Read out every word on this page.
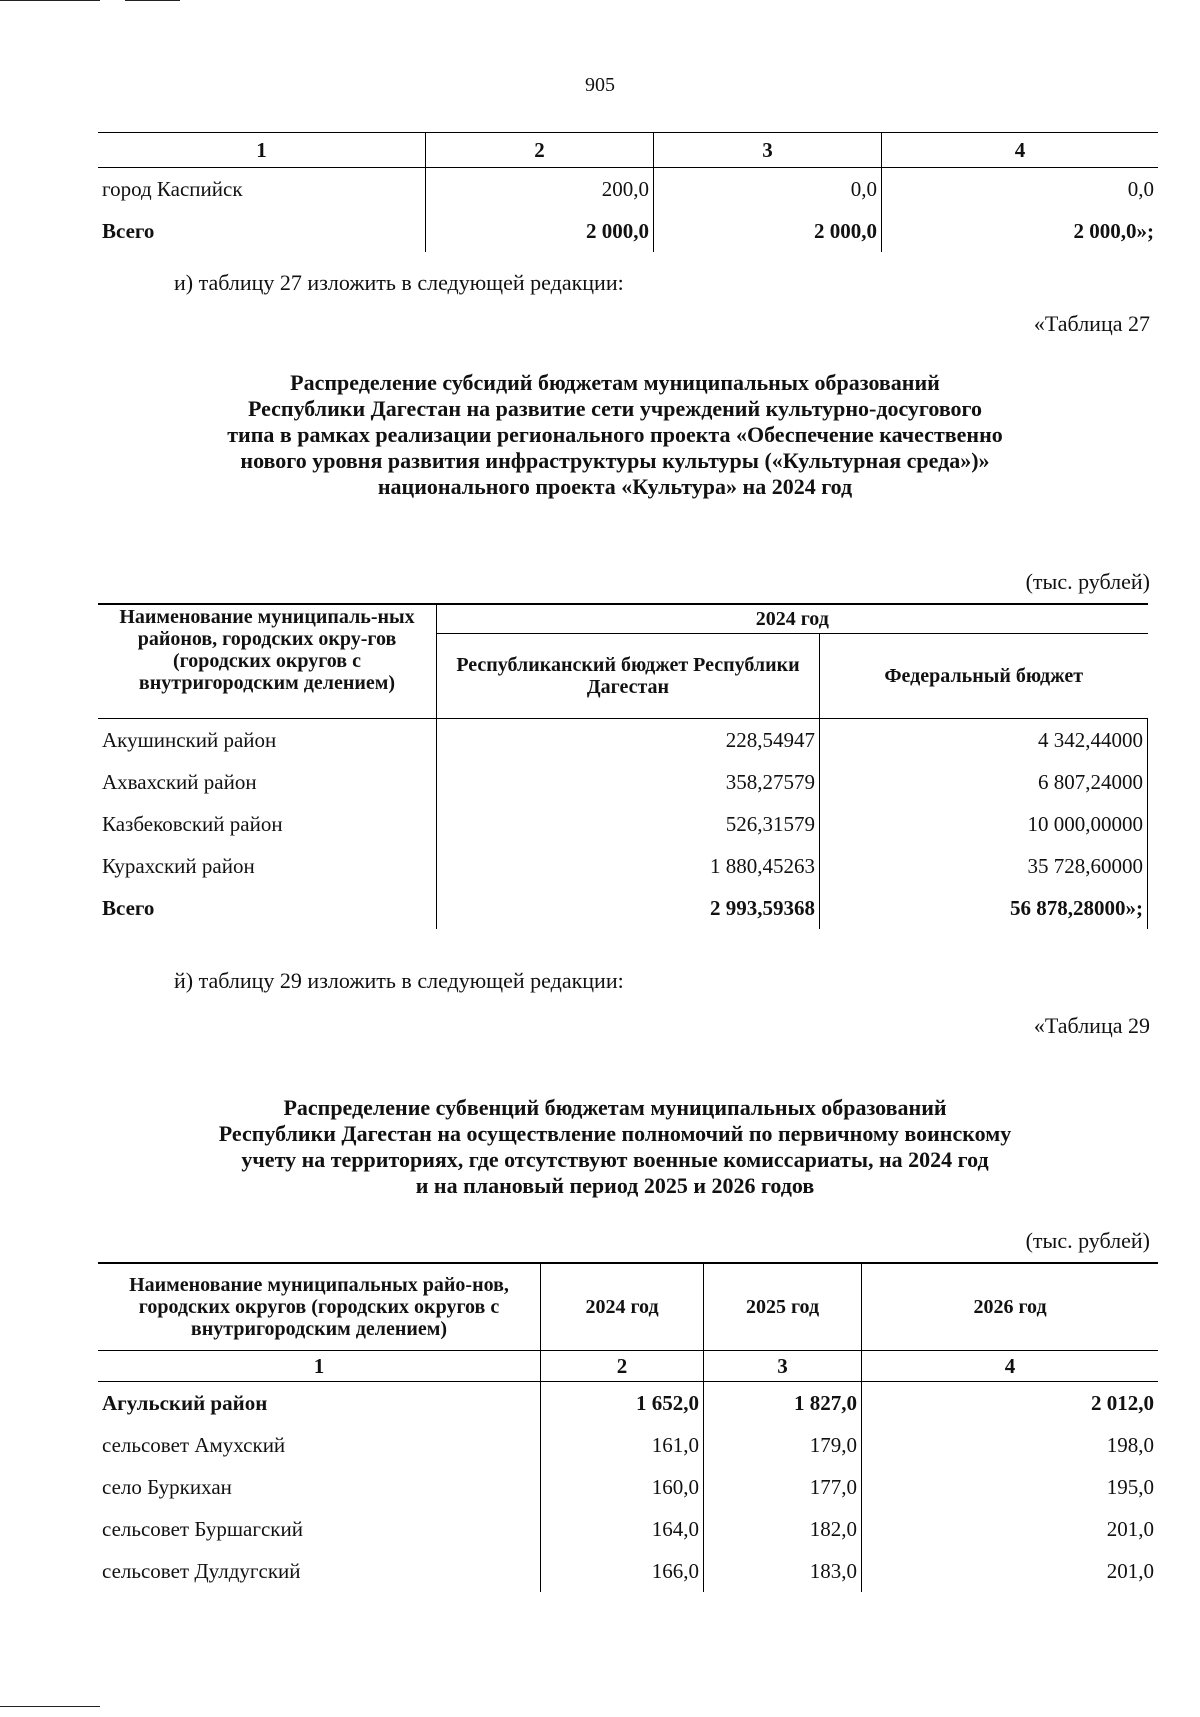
905
1	2	3	4
город Каспийск	200,0	0,0	0,0
Всего	2 000,0	2 000,0	2 000,0»;
и) таблицу 27 изложить в следующей редакции:
«Таблица 27
Распределение субсидий бюджетам муниципальных образований
Республики Дагестан на развитие сети учреждений культурно-досугового
типа в рамках реализации регионального проекта «Обеспечение качественно
нового уровня развития инфраструктуры культуры («Культурная среда»)»
национального проекта «Культура» на 2024 год
(тыс. рублей)
Наименование муниципаль-ных районов, городских окру-гов (городских округов с внутригородским делением)	2024 год	
	Республиканский бюджет Республики Дагестан	Федеральный бюджет
Акушинский район	228,54947	4 342,44000
Ахвахский район	358,27579	6 807,24000
Казбековский район	526,31579	10 000,00000
Курахский район	1 880,45263	35 728,60000
Всего	2 993,59368	56 878,28000»;
й) таблицу 29 изложить в следующей редакции:
«Таблица 29
Распределение субвенций бюджетам муниципальных образований
Республики Дагестан на осуществление полномочий по первичному воинскому
учету на территориях, где отсутствуют военные комиссариаты, на 2024 год
и на плановый период 2025 и 2026 годов
(тыс. рублей)
Наименование муниципальных райо-нов, городских округов (городских округов с внутригородским делением)	2024 год	2025 год	2026 год
1	2	3	4
Агульский район	1 652,0	1 827,0	2 012,0
сельсовет Амухский	161,0	179,0	198,0
село Буркихан	160,0	177,0	195,0
сельсовет Буршагский	164,0	182,0	201,0
сельсовет Дулдугский	166,0	183,0	201,0
